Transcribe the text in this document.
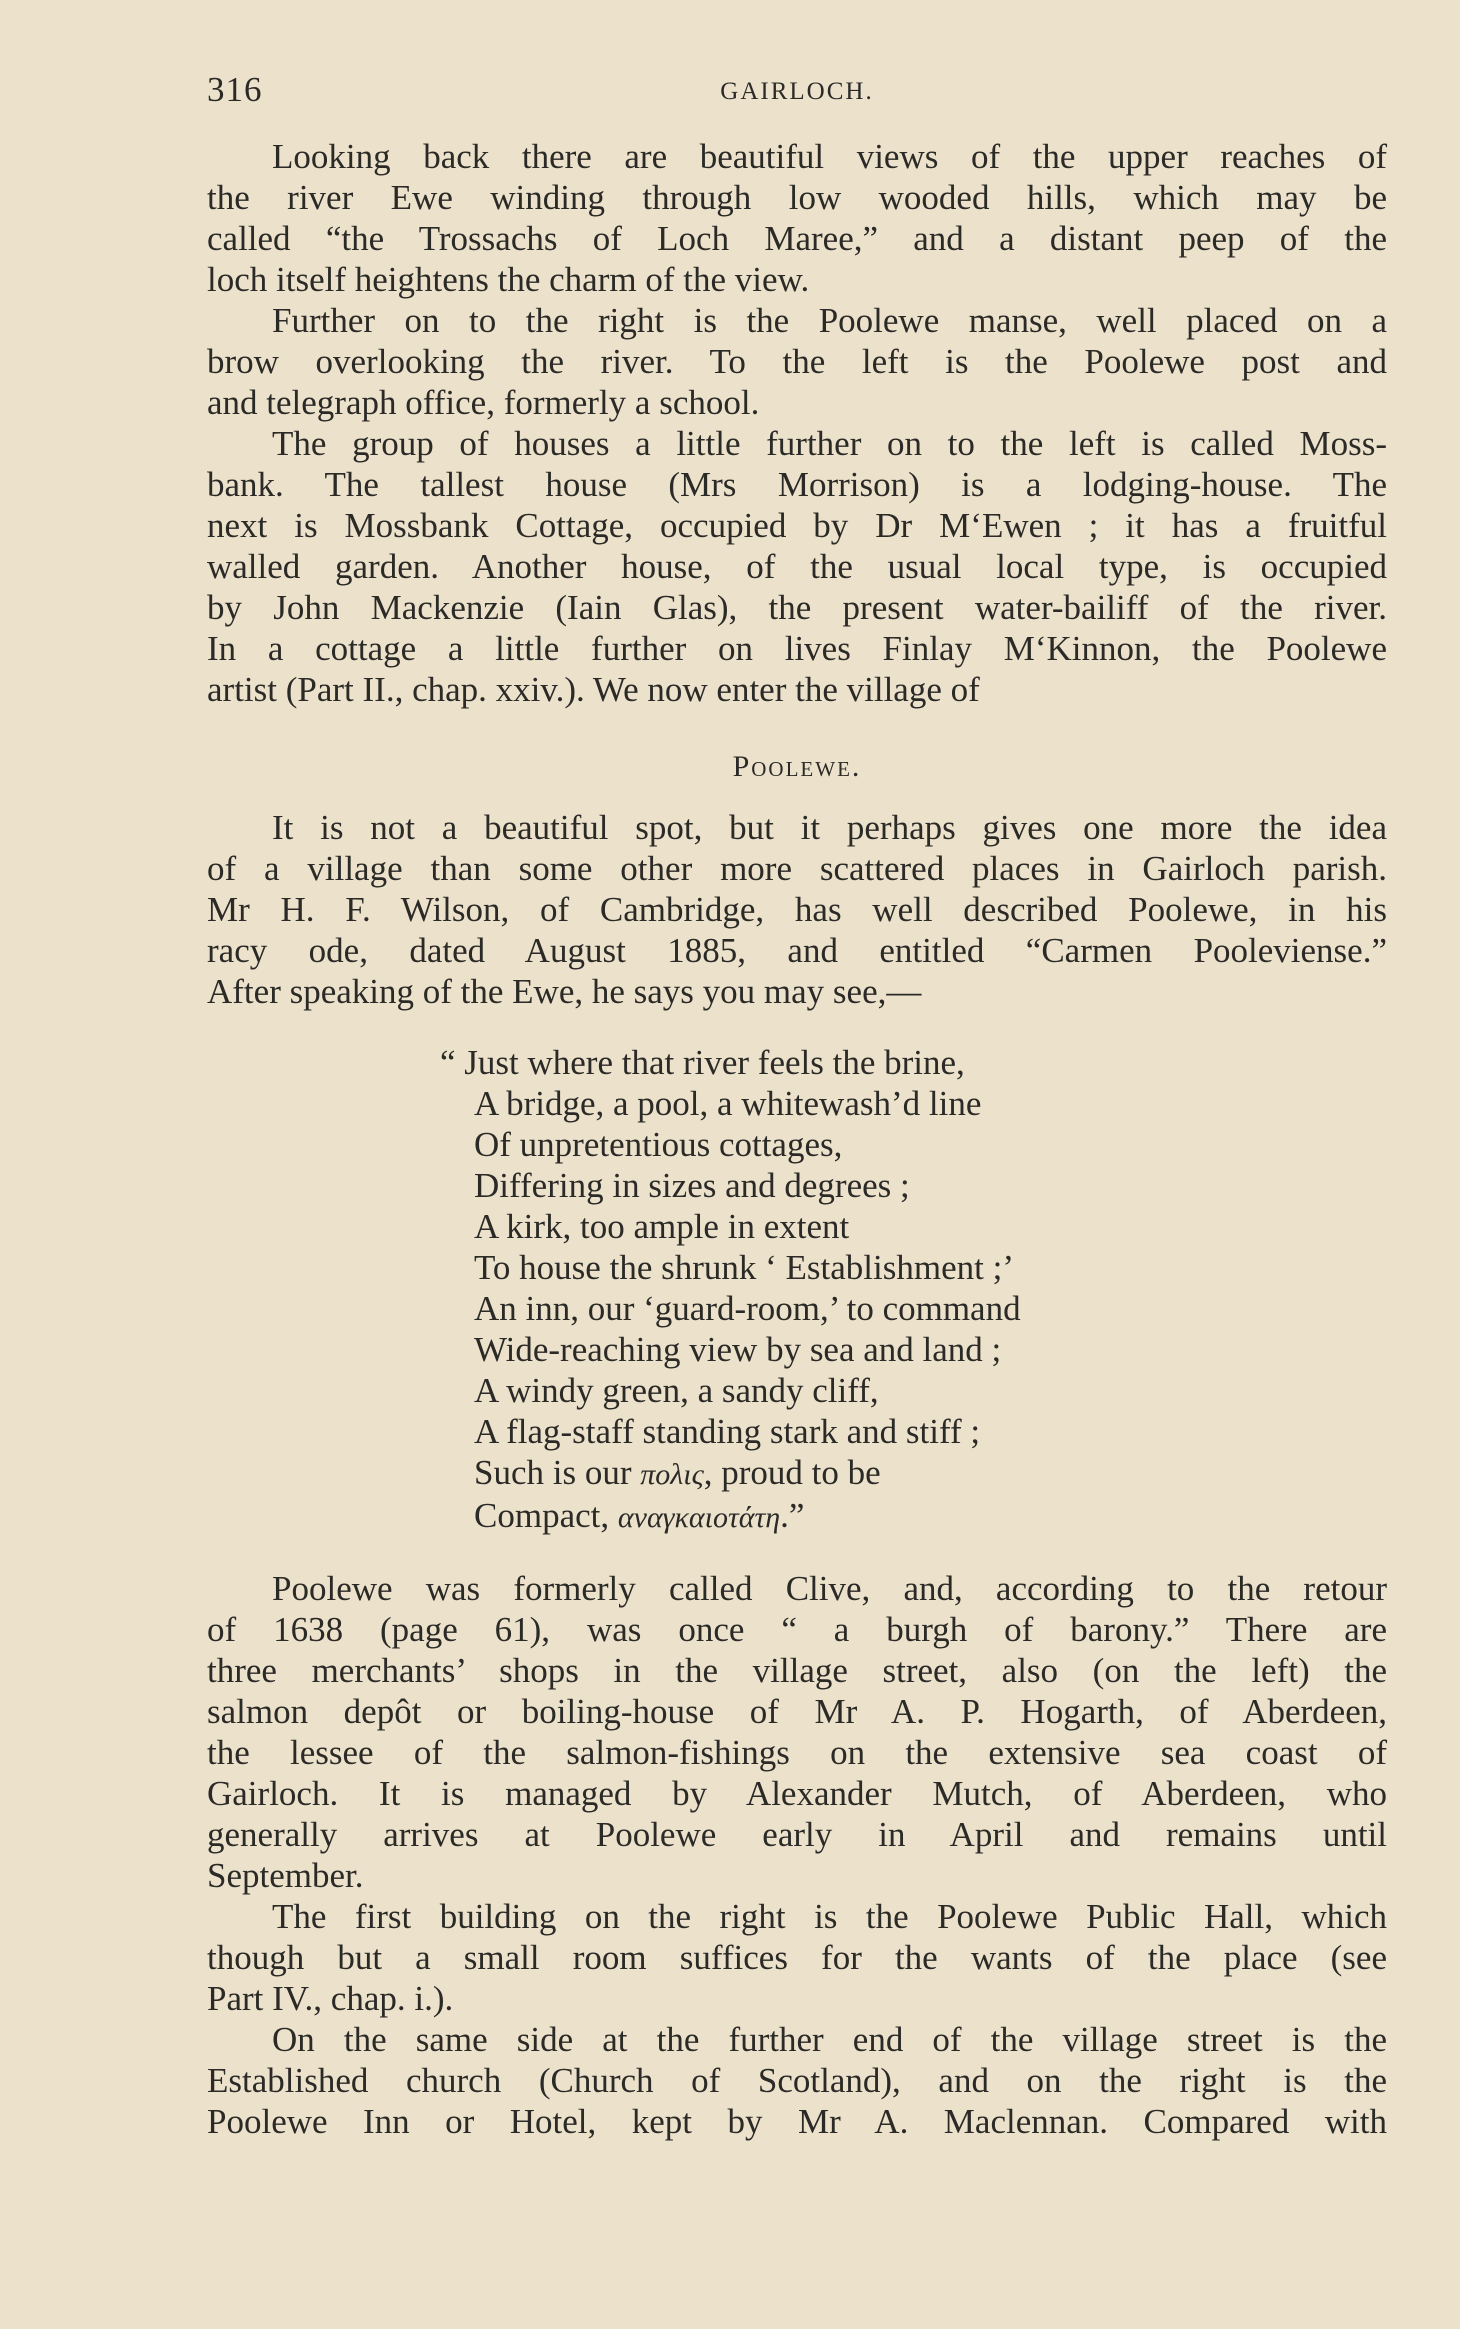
316	GAIRLOCH.

Looking back there are beautiful views of the upper reaches of
the river Ewe winding through low wooded hills, which may be
called “the Trossachs of Loch Maree,” and a distant peep of the
loch itself heightens the charm of the view.

Further on to the right is the Poolewe manse, well placed on a
brow overlooking the river. To the left is the Poolewe post and
and telegraph office, formerly a school.

The group of houses a little further on to the left is called Moss-
bank. The tallest house (Mrs Morrison) is a lodging-house. The
next is Mossbank Cottage, occupied by Dr M‘Ewen ; it has a fruitful
walled garden. Another house, of the usual local type, is occupied
by John Mackenzie (Iain Glas), the present water-bailiff of the river.
In a cottage a little further on lives Finlay M‘Kinnon, the Poolewe
artist (Part II., chap. xxiv.). We now enter the village of

Poolewe.

It is not a beautiful spot, but it perhaps gives one more the idea
of a village than some other more scattered places in Gairloch parish.
Mr H. F. Wilson, of Cambridge, has well described Poolewe, in his
racy ode, dated August 1885, and entitled “Carmen Pooleviense.”
After speaking of the Ewe, he says you may see,—

“ Just where that river feels the brine,
A bridge, a pool, a whitewash’d line
Of unpretentious cottages,
Differing in sizes and degrees ;
A kirk, too ample in extent
To house the shrunk ‘ Establishment ;’
An inn, our ‘guard-room,’ to command
Wide-reaching view by sea and land ;
A windy green, a sandy cliff,
A flag-staff standing stark and stiff ;
Such is our πολις, proud to be
Compact, αναγκαιοτάτη.”

Poolewe was formerly called Clive, and, according to the retour
of 1638 (page 61), was once “ a burgh of barony.” There are
three merchants’ shops in the village street, also (on the left) the
salmon depôt or boiling-house of Mr A. P. Hogarth, of Aberdeen,
the lessee of the salmon-fishings on the extensive sea coast of
Gairloch. It is managed by Alexander Mutch, of Aberdeen, who
generally arrives at Poolewe early in April and remains until
September.

The first building on the right is the Poolewe Public Hall, which
though but a small room suffices for the wants of the place (see
Part IV., chap. i.).

On the same side at the further end of the village street is the
Established church (Church of Scotland), and on the right is the
Poolewe Inn or Hotel, kept by Mr A. Maclennan. Compared with
